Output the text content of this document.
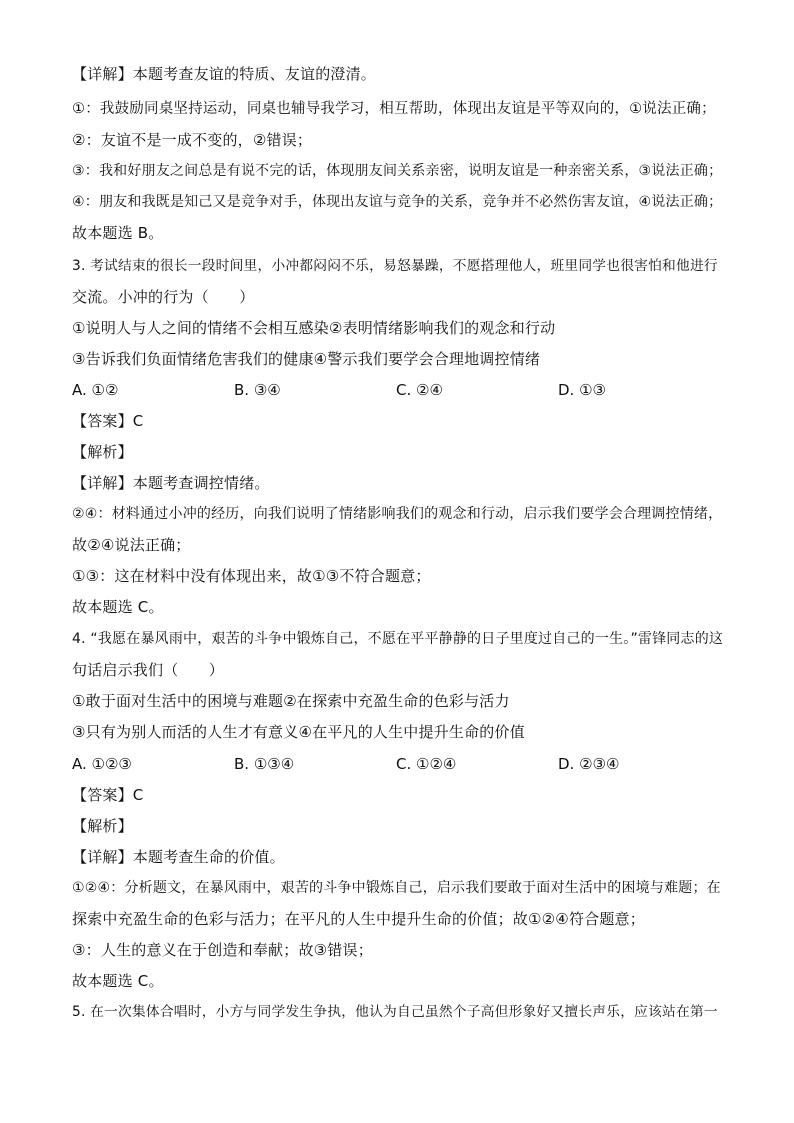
【详解】本题考查友谊的特质、友谊的澄清。
①：我鼓励同桌坚持运动，同桌也辅导我学习，相互帮助，体现出友谊是平等双向的，①说法正确；
②：友谊不是一成不变的，②错误；
③：我和好朋友之间总是有说不完的话，体现朋友间关系亲密，说明友谊是一种亲密关系，③说法正确；
④：朋友和我既是知己又是竞争对手，体现出友谊与竞争的关系，竞争并不必然伤害友谊，④说法正确；
故本题选 B。
3. 考试结束的很长一段时间里，小冲都闷闷不乐，易怒暴躁，不愿搭理他人，班里同学也很害怕和他进行
交流。小冲的行为（　　）
①说明人与人之间的情绪不会相互感染②表明情绪影响我们的观念和行动
③告诉我们负面情绪危害我们的健康④警示我们要学会合理地调控情绪
A. ①②	B. ③④	C. ②④	D. ①③
【答案】C
【解析】
【详解】本题考查调控情绪。
②④：材料通过小冲的经历，向我们说明了情绪影响我们的观念和行动，启示我们要学会合理调控情绪，
故②④说法正确；
①③：这在材料中没有体现出来，故①③不符合题意；
故本题选 C。
4. “我愿在暴风雨中，艰苦的斗争中锻炼自己，不愿在平平静静的日子里度过自己的一生。”雷锋同志的这
句话启示我们（　　）
①敢于面对生活中的困境与难题②在探索中充盈生命的色彩与活力
③只有为别人而活的人生才有意义④在平凡的人生中提升生命的价值
A. ①②③	B. ①③④	C. ①②④	D. ②③④
【答案】C
【解析】
【详解】本题考查生命的价值。
①②④：分析题文，在暴风雨中，艰苦的斗争中锻炼自己，启示我们要敢于面对生活中的困境与难题；在
探索中充盈生命的色彩与活力；在平凡的人生中提升生命的价值；故①②④符合题意；
③：人生的意义在于创造和奉献；故③错误；
故本题选 C。
5. 在一次集体合唱时，小方与同学发生争执，他认为自己虽然个子高但形象好又擅长声乐，应该站在第一
